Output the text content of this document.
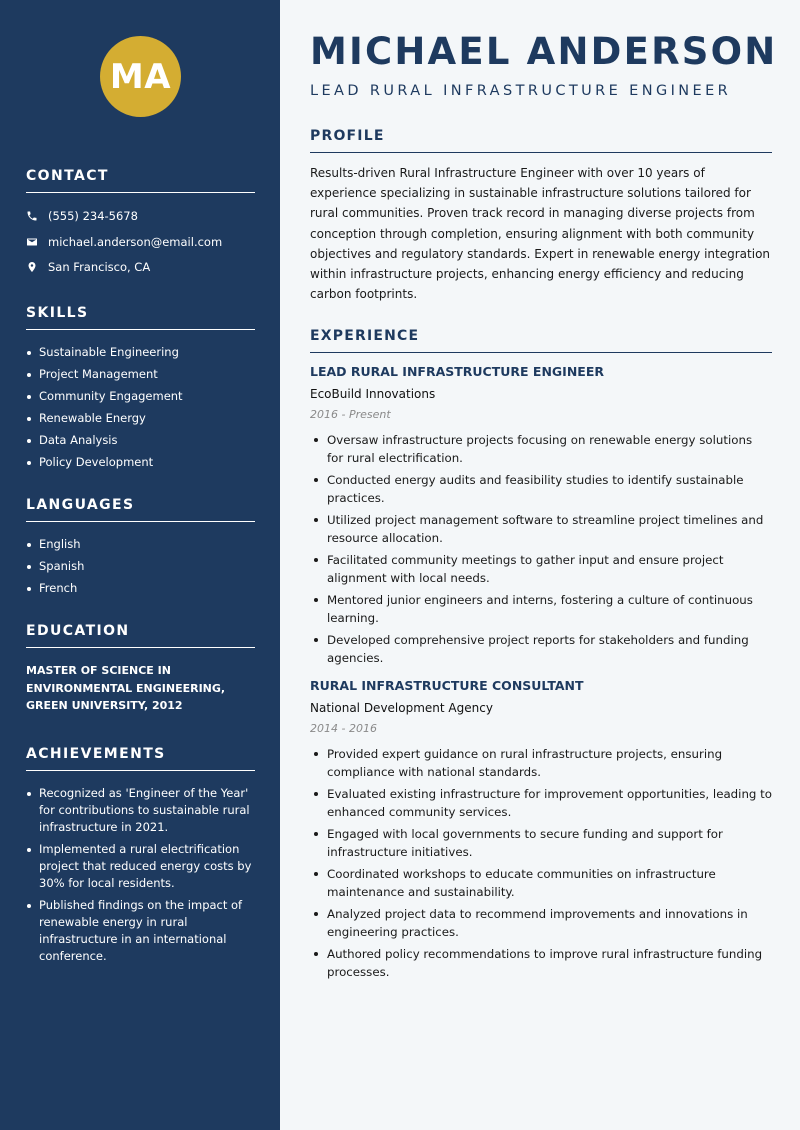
MA
CONTACT
(555) 234-5678
michael.anderson@email.com
San Francisco, CA
SKILLS
Sustainable Engineering
Project Management
Community Engagement
Renewable Energy
Data Analysis
Policy Development
LANGUAGES
English
Spanish
French
EDUCATION

MASTER OF SCIENCE IN ENVIRONMENTAL ENGINEERING, GREEN UNIVERSITY, 2012

ACHIEVEMENTS
Recognized as 'Engineer of the Year' for contributions to sustainable rural infrastructure in 2021.
Implemented a rural electrification project that reduced energy costs by 30% for local residents.
Published findings on the impact of renewable energy in rural infrastructure in an international conference.
MICHAEL ANDERSON
LEAD RURAL INFRASTRUCTURE ENGINEER
PROFILE

Results-driven Rural Infrastructure Engineer with over 10 years of experience specializing in sustainable infrastructure solutions tailored for rural communities. Proven track record in managing diverse projects from conception through completion, ensuring alignment with both community objectives and regulatory standards. Expert in renewable energy integration within infrastructure projects, enhancing energy efficiency and reducing carbon footprints.

EXPERIENCE
LEAD RURAL INFRASTRUCTURE ENGINEER
EcoBuild Innovations
2016 - Present
Oversaw infrastructure projects focusing on renewable energy solutions for rural electrification.
Conducted energy audits and feasibility studies to identify sustainable practices.
Utilized project management software to streamline project timelines and resource allocation.
Facilitated community meetings to gather input and ensure project alignment with local needs.
Mentored junior engineers and interns, fostering a culture of continuous learning.
Developed comprehensive project reports for stakeholders and funding agencies.
RURAL INFRASTRUCTURE CONSULTANT
National Development Agency
2014 - 2016
Provided expert guidance on rural infrastructure projects, ensuring compliance with national standards.
Evaluated existing infrastructure for improvement opportunities, leading to enhanced community services.
Engaged with local governments to secure funding and support for infrastructure initiatives.
Coordinated workshops to educate communities on infrastructure maintenance and sustainability.
Analyzed project data to recommend improvements and innovations in engineering practices.
Authored policy recommendations to improve rural infrastructure funding processes.
